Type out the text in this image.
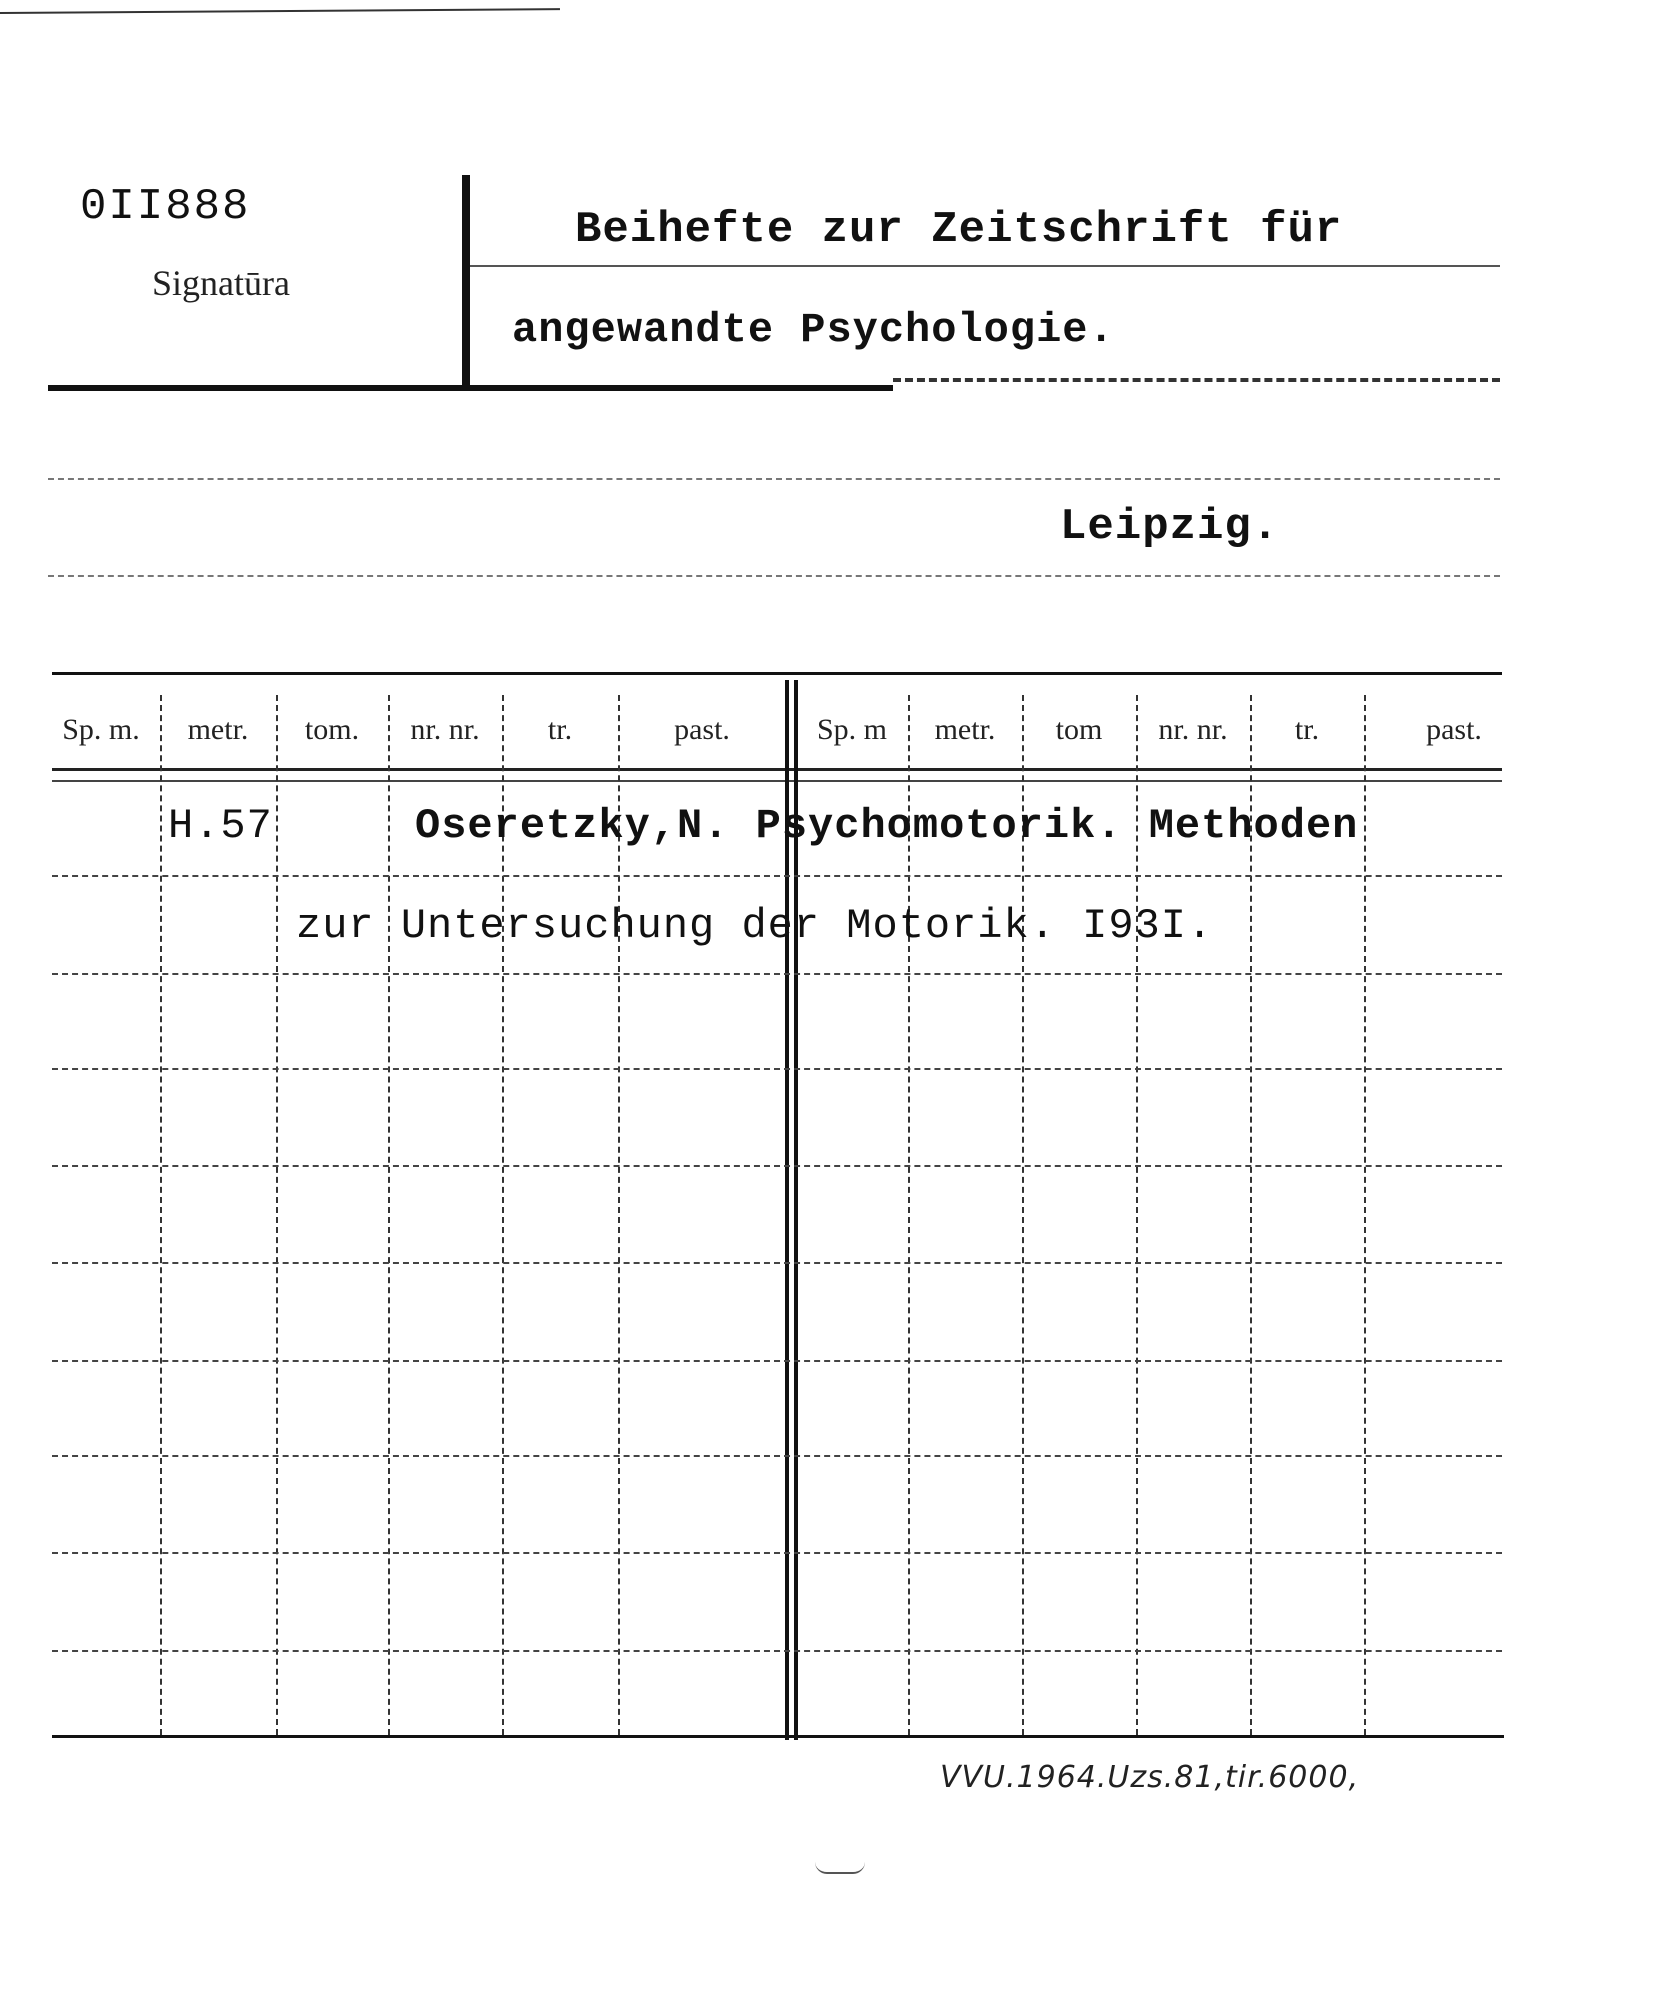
0II888
Signatūra
Beihefte zur Zeitschrift für
angewandte Psychologie.
Leipzig.
Sp. m.	metr.	tom.	nr. nr.	tr.	past.	Sp. m	metr.	tom	nr. nr.	tr.	past.
H.57	Oseretzky,N. Psychomotorik. Methoden
zur Untersuchung der Motorik. I93I.
VVU.1964.Uzs.81,tir.6000,
